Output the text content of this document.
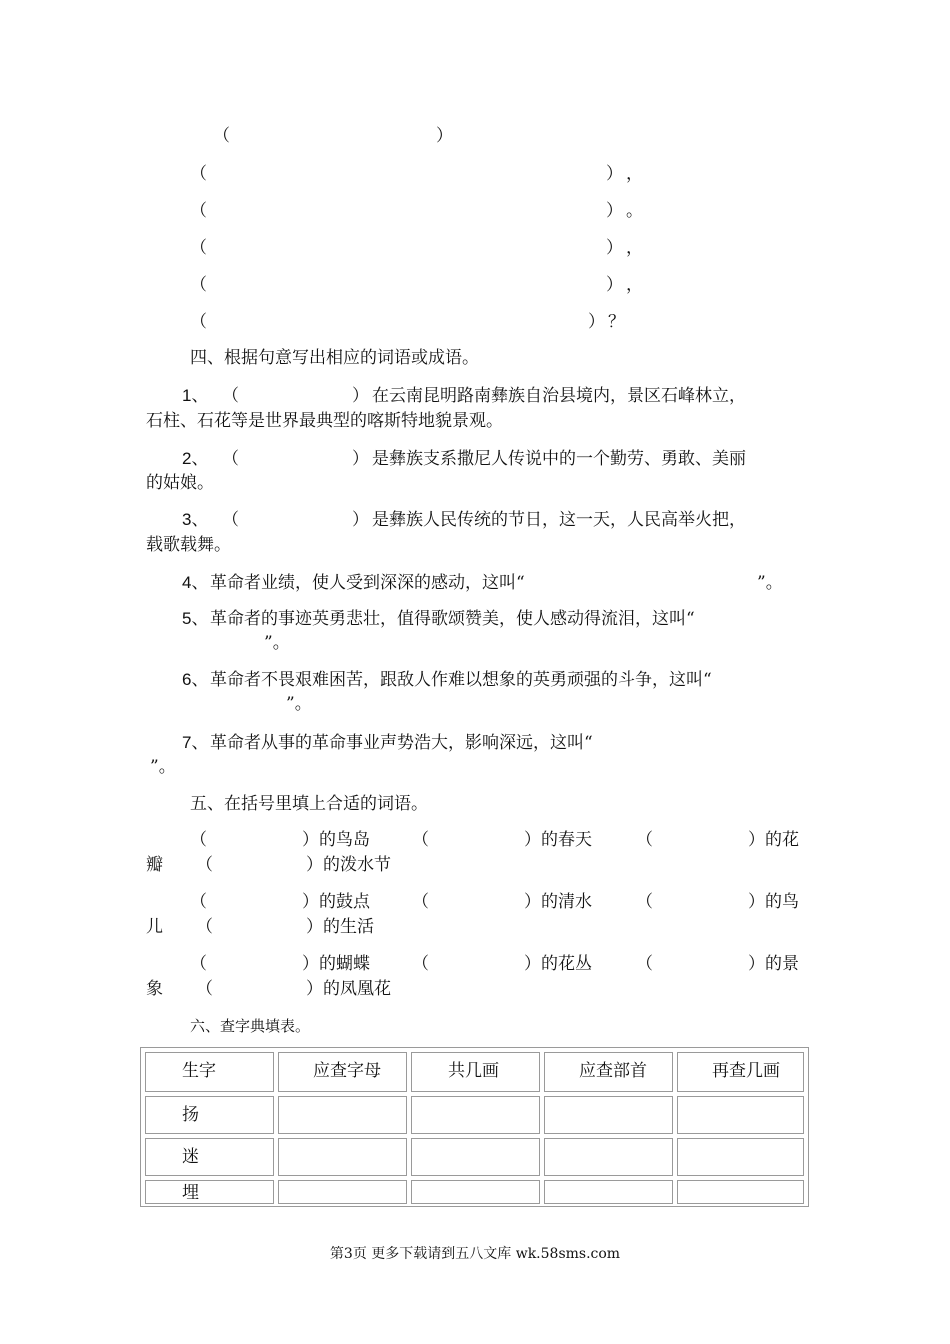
（	）
（	） ，
（	） 。
（	） ，
（	） ，
（	） ？
四、根据句意写出相应的词语或成语。
1、 （	） 在云南昆明路南彝族自治县境内，景区石峰林立，
石柱、石花等是世界最典型的喀斯特地貌景观。
2、 （	） 是彝族支系撒尼人传说中的一个勤劳、勇敢、美丽
的姑娘。
3、 （	） 是彝族人民传统的节日，这一天，人民高举火把，
载歌载舞。
4、 革命者业绩，使人受到深深的感动，这叫“	”。
5、 革命者的事迹英勇悲壮，值得歌颂赞美，使人感动得流泪，这叫“
”。
6、 革命者不畏艰难困苦，跟敌人作难以想象的英勇顽强的斗争，这叫“
”。
7、 革命者从事的革命事业声势浩大，影响深远，这叫“
”。
五、在括号里填上合适的词语。
（	）的鸟岛 （	）的春天	（	）的花
瓣 （	）的泼水节
（	）的鼓点 （	）的清水	（	）的鸟
儿 （	）的生活
（	）的蝴蝶 （	）的花丛	（	）的景
象 （	）的凤凰花
六、查字典填表。
生字	应查字母	共几画	应查部首	再查几画
扬
迷
埋
第3页 更多下载请到五八文库 wk.58sms.com
